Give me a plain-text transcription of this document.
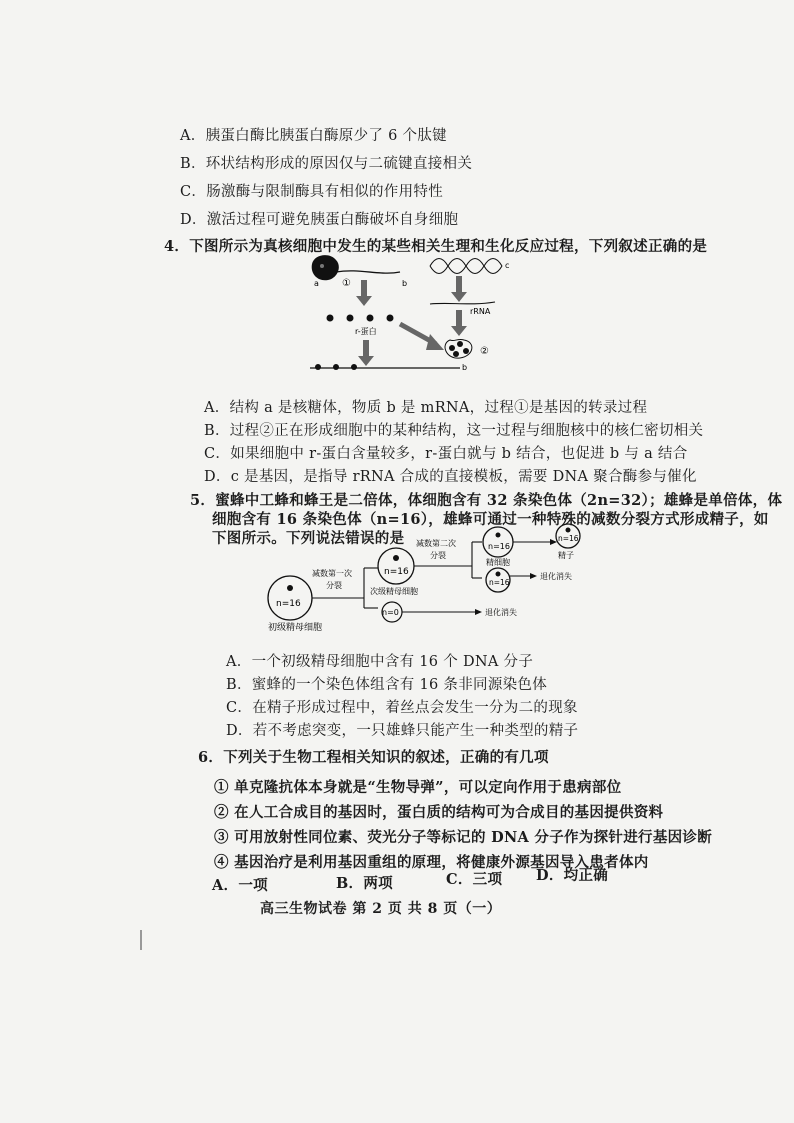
A．胰蛋白酶比胰蛋白酶原少了 6 个肽键
B．环状结构形成的原因仅与二硫键直接相关
C．肠激酶与限制酶具有相似的作用特性
D．激活过程可避免胰蛋白酶破坏自身细胞
4．下图所示为真核细胞中发生的某些相关生理和生化反应过程，下列叙述正确的是
a ①	b
r-蛋白
b
c
rRNA
②
A．结构 a 是核糖体，物质 b 是 mRNA，过程①是基因的转录过程
B．过程②正在形成细胞中的某种结构，这一过程与细胞核中的核仁密切相关
C．如果细胞中 r-蛋白含量较多，r-蛋白就与 b 结合，也促进 b 与 a 结合
D．c 是基因，是指导 rRNA 合成的直接模板，需要 DNA 聚合酶参与催化
5．蜜蜂中工蜂和蜂王是二倍体，体细胞含有 32 条染色体（2n=32）；雄蜂是单倍体，体
细胞含有 16 条染色体（n=16），雄蜂可通过一种特殊的减数分裂方式形成精子，如
下图所示。下列说法错误的是
n=16
初级精母细胞
减数第一次
分裂
n=16
次级精母细胞
n=0	退化消失
减数第二次
分裂
n=16
精细胞
n=16
退化消失
n=16
精子
A．一个初级精母细胞中含有 16 个 DNA 分子
B．蜜蜂的一个染色体组含有 16 条非同源染色体
C．在精子形成过程中，着丝点会发生一分为二的现象
D．若不考虑突变，一只雄蜂只能产生一种类型的精子
6．下列关于生物工程相关知识的叙述，正确的有几项
① 单克隆抗体本身就是“生物导弹”，可以定向作用于患病部位
② 在人工合成目的基因时，蛋白质的结构可为合成目的基因提供资料
③ 可用放射性同位素、荧光分子等标记的 DNA 分子作为探针进行基因诊断
④ 基因治疗是利用基因重组的原理，将健康外源基因导入患者体内
A．一项	B．两项	C．三项 D．均正确
高三生物试卷 第 2 页 共 8 页（一）
